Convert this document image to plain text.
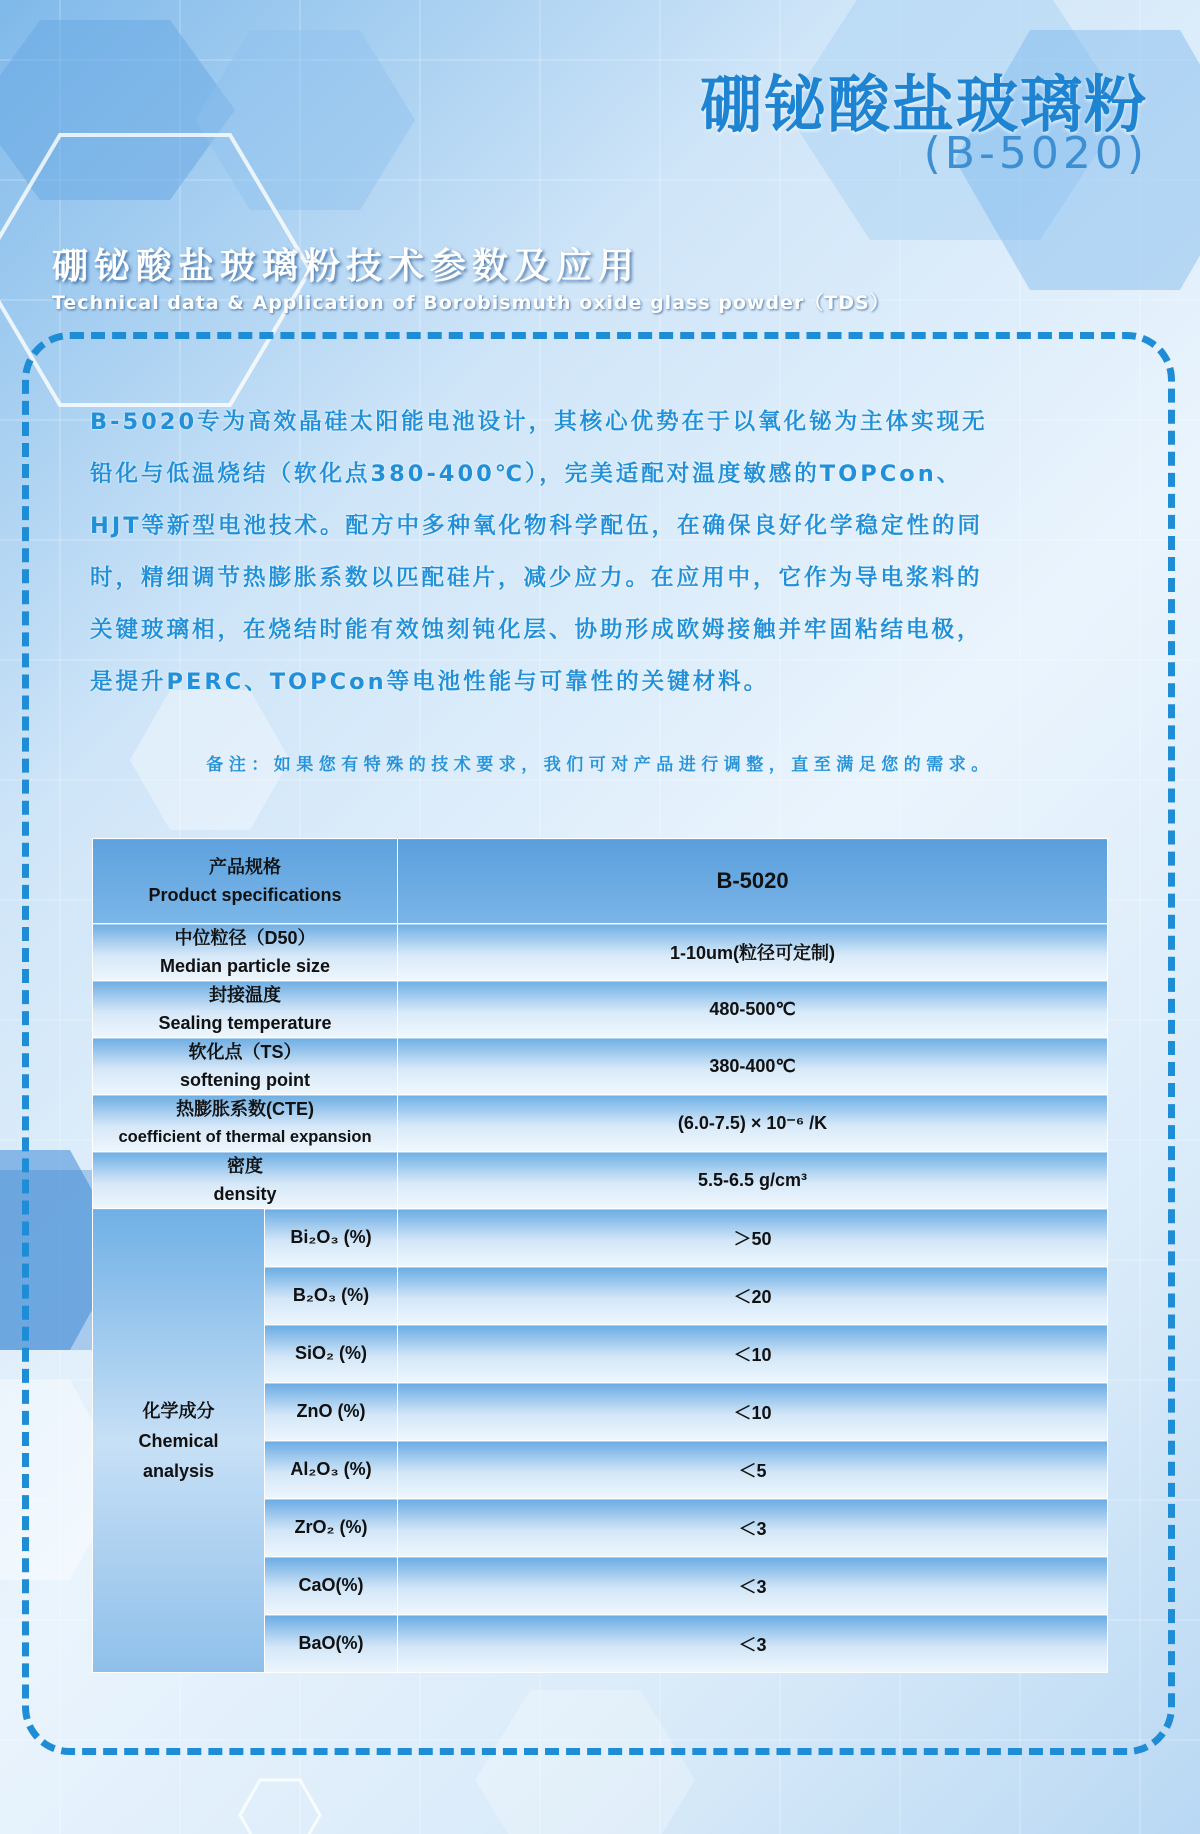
硼铋酸盐玻璃粉
(B-5020)
硼铋酸盐玻璃粉技术参数及应用
Technical data & Application of Borobismuth oxide glass powder（TDS）
B-5020专为高效晶硅太阳能电池设计，其核心优势在于以氧化铋为主体实现无
铅化与低温烧结（软化点380-400℃），完美适配对温度敏感的TOPCon、
HJT等新型电池技术。配方中多种氧化物科学配伍，在确保良好化学稳定性的同
时，精细调节热膨胀系数以匹配硅片，减少应力。在应用中，它作为导电浆料的
关键玻璃相，在烧结时能有效蚀刻钝化层、协助形成欧姆接触并牢固粘结电极，
是提升PERC、TOPCon等电池性能与可靠性的关键材料。
备注：如果您有特殊的技术要求，我们可对产品进行调整，直至满足您的需求。
产品规格
Product specifications		B-5020

中位粒径（D50）
Median particle size		1-10um(粒径可定制)

封接温度
Sealing temperature		480-500℃

软化点（TS）
softening point		380-400℃

热膨胀系数(CTE)
coefficient of thermal expansion		(6.0-7.5) × 10⁻⁶ /K

密度
density		5.5-6.5 g/cm³

化学成分
Chemical
analysis	Bi₂O₃ (%)	＞50
	B₂O₃ (%)	＜20
	SiO₂ (%)	＜10
	ZnO (%)	＜10
	Al₂O₃ (%)	＜5
	ZrO₂ (%)	＜3
	CaO(%)	＜3
	BaO(%)	＜3
